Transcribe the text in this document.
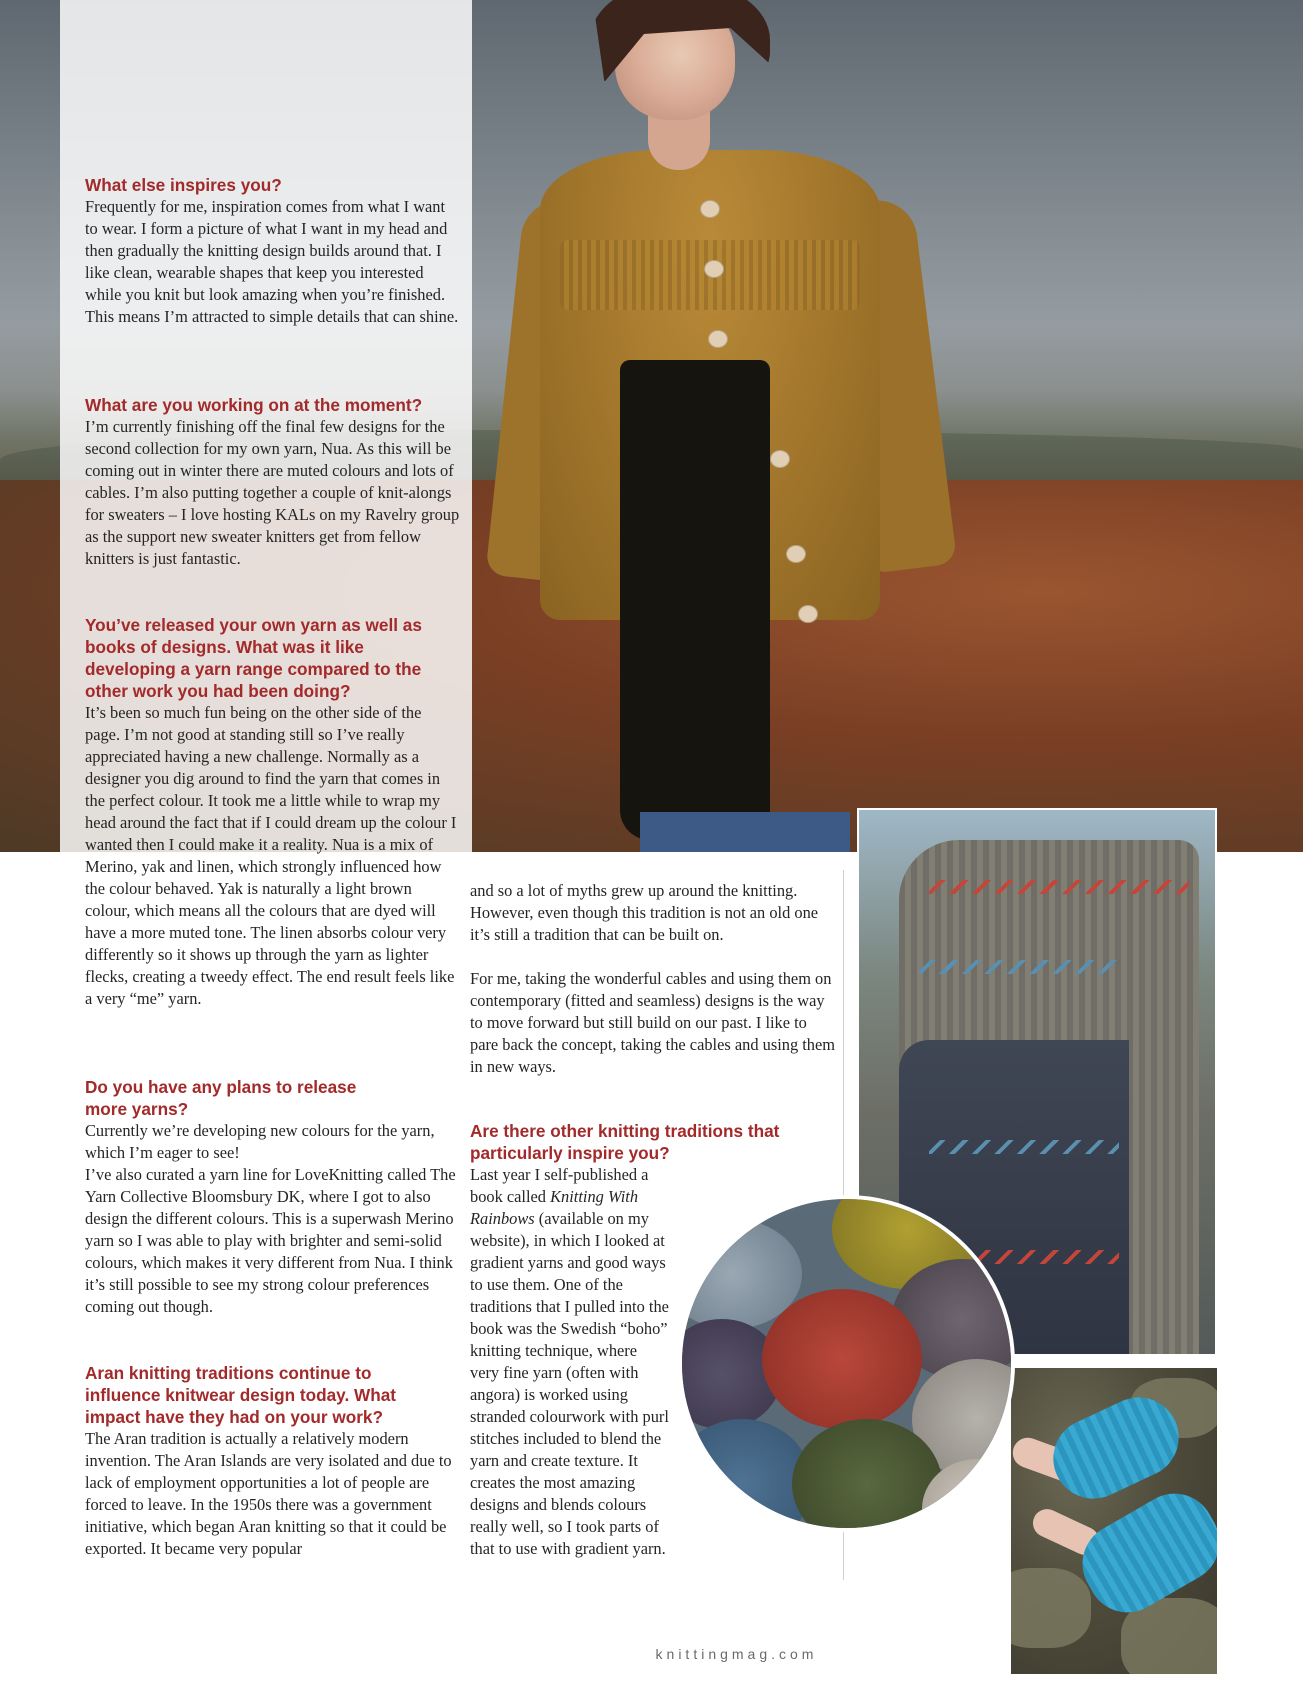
What else inspires you?

Frequently for me, inspiration comes from what I want to wear. I form a picture of what I want in my head and then gradually the knitting design builds around that. I like clean, wearable shapes that keep you interested while you knit but look amazing when you’re finished. This means I’m attracted to simple details that can shine.

What are you working on at the moment?

I’m currently finishing off the final few designs for the second collection for my own yarn, Nua. As this will be coming out in winter there are muted colours and lots of cables. I’m also putting together a couple of knit-alongs for sweaters – I love hosting KALs on my Ravelry group as the support new sweater knitters get from fellow knitters is just fantastic.

You’ve released your own yarn as well as books of designs. What was it like developing a yarn range compared to the other work you had been doing?

It’s been so much fun being on the other side of the page. I’m not good at standing still so I’ve really appreciated having a new challenge. Normally as a designer you dig around to find the yarn that comes in the perfect colour. It took me a little while to wrap my head around the fact that if I could dream up the colour I wanted then I could make it a reality. Nua is a mix of Merino, yak and linen, which strongly influenced how the colour behaved. Yak is naturally a light brown colour, which means all the colours that are dyed will have a more muted tone. The linen absorbs colour very differently so it shows up through the yarn as lighter flecks, creating a tweedy effect. The end result feels like a very “me” yarn.

Do you have any plans to release more yarns?

Currently we’re developing new colours for the yarn, which I’m eager to see!

I’ve also curated a yarn line for LoveKnitting called The Yarn Collective Bloomsbury DK, where I got to also design the different colours. This is a superwash Merino yarn so I was able to play with brighter and semi-solid colours, which makes it very different from Nua. I think it’s still possible to see my strong colour preferences coming out though.

Aran knitting traditions continue to influence knitwear design today. What impact have they had on your work?

The Aran tradition is actually a relatively modern invention. The Aran Islands are very isolated and due to lack of employment opportunities a lot of people are forced to leave. In the 1950s there was a government initiative, which began Aran knitting so that it could be exported. It became very popular

and so a lot of myths grew up around the knitting. However, even though this tradition is not an old one it’s still a tradition that can be built on.

For me, taking the wonderful cables and using them on contemporary (fitted and seamless) designs is the way to move forward but still build on our past. I like to pare back the concept, taking the cables and using them in new ways.

Are there other knitting traditions that particularly inspire you?

Last year I self-published a book called Knitting With Rainbows (available on my website), in which I looked at gradient yarns and good ways to use them. One of the traditions that I pulled into the book was the Swedish “boho” knitting technique, where very fine yarn (often with angora) is worked using stranded colourwork with purl stitches included to blend the yarn and create texture. It creates the most amazing designs and blends colours really well, so I took parts of that to use with gradient yarn.

knittingmag.com
